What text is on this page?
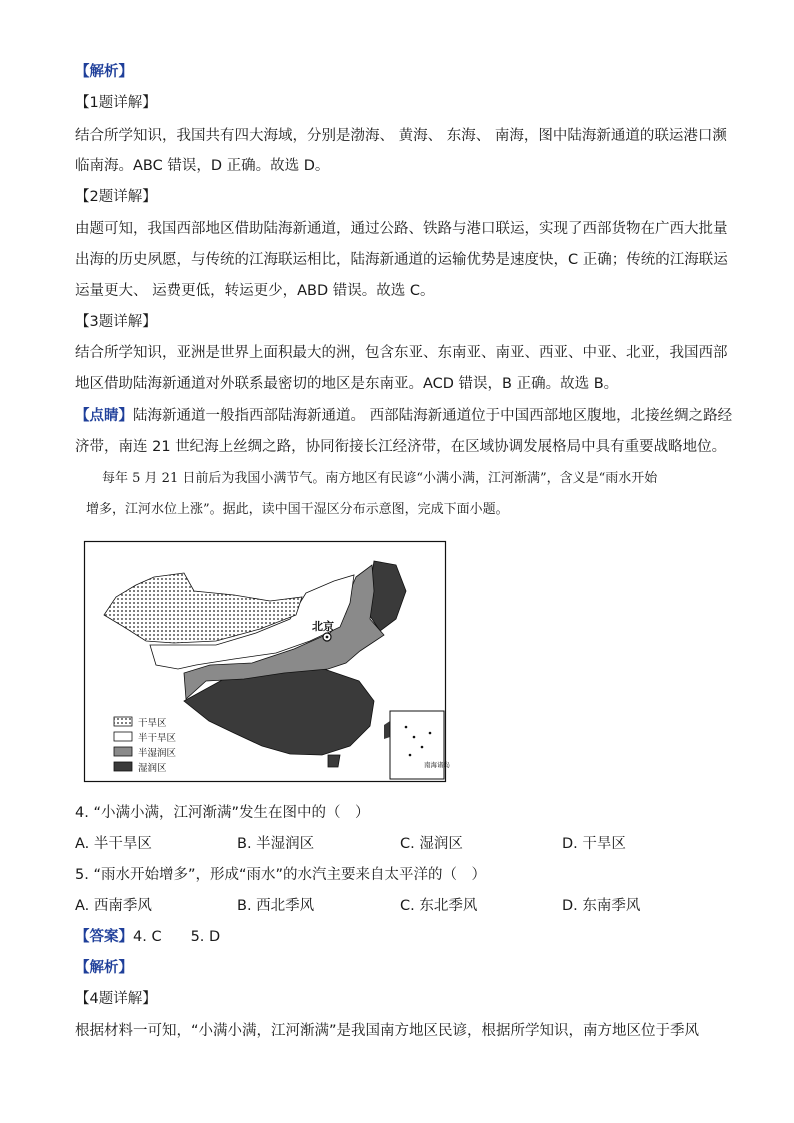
【解析】
【1题详解】
结合所学知识，我国共有四大海域，分别是渤海、 黄海、 东海、 南海，图中陆海新通道的联运港口濒
临南海。ABC 错误，D 正确。故选 D。
【2题详解】
由题可知，我国西部地区借助陆海新通道，通过公路、铁路与港口联运，实现了西部货物在广西大批量
出海的历史夙愿，与传统的江海联运相比，陆海新通道的运输优势是速度快，C 正确；传统的江海联运
运量更大、 运费更低，转运更少，ABD 错误。故选 C。
【3题详解】
结合所学知识，亚洲是世界上面积最大的洲，包含东亚、东南亚、南亚、西亚、中亚、北亚，我国西部
地区借助陆海新通道对外联系最密切的地区是东南亚。ACD 错误，B 正确。故选 B。
【点睛】陆海新通道一般指西部陆海新通道。 西部陆海新通道位于中国西部地区腹地，北接丝绸之路经
济带，南连 21 世纪海上丝绸之路，协同衔接长江经济带，在区域协调发展格局中具有重要战略地位。
每年 5 月 21 日前后为我国小满节气。南方地区有民谚“小满小满，江河渐满”，含义是“雨水开始
增多，江河水位上涨”。据此，读中国干湿区分布示意图，完成下面小题。
北京
干旱区
半干旱区
半湿润区
湿润区	南海诸岛
4. “小满小满，江河渐满”发生在图中的（　）
A. 半干旱区	B. 半湿润区	C. 湿润区	D. 干旱区
5. “雨水开始增多”，形成“雨水”的水汽主要来自太平洋的（　）
A. 西南季风	B. 西北季风	C. 东北季风	D. 东南季风
【答案】4. C　　5. D
【解析】
【4题详解】
根据材料一可知，“小满小满，江河渐满”是我国南方地区民谚，根据所学知识，南方地区位于季风
